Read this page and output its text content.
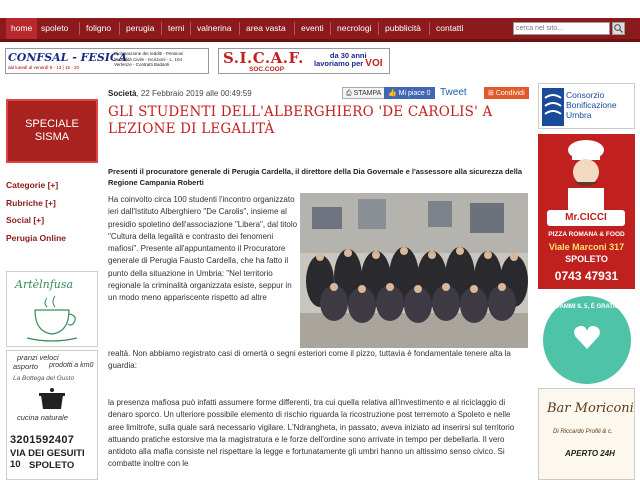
home	spoleto	foligno	perugia	terni	valnerina	area vasta	eventi	necrologi	pubblicità	contatti
cerca nel sito...
CONFSAL - FESICA
dal lunedì al venerdì 9 - 13 | 15 - 20
Dichiarazione dei redditi - Pensioni
Invalidità Civile - Iscrizioni - L. 104
Vertenze - Contratti Badanti	S.I.C.A.F.
SOC.COOP
da 30 anni
lavoriamo per VOI
SPECIALE
SISMA
Categorie [+]
Rubriche [+]
Social [+]
Perugia Online
Artèlnfusa
pranzi veloci
asporto prodotti a km0
La Bottega del Gusto
cucina naturale
3201592407
VIA DEI GESUITI 10 SPOLETO
Società, 22 Febbraio 2019 alle 00:49:59	⎙ STAMPA 👍 Mi piace 0 Tweet	⊞ Condividi
GLI STUDENTI DELL'ALBERGHIERO 'DE CAROLIS' A LEZIONE DI LEGALITÀ
Presenti il procuratore generale di Perugia Cardella, il direttore della Dia Governale e l'assessore alla sicurezza della Regione Campania Roberti
Ha coinvolto circa 100 studenti l'incontro organizzato ieri dall'Istituto Alberghiero "De Carolis", insieme al presidio spoletino dell'associazione "Libera", dal titolo "Cultura della legalità e contrasto dei fenomeni mafiosi". Presente all'appuntamento il Procuratore generale di Perugia Fausto Cardella, che ha fatto il punto della situazione in Umbria: "Nel territorio regionale la criminalità organizzata esiste, seppur in un modo meno appariscente rispetto ad altre
realtà. Non abbiamo registrato casi di omertà o segni esteriori come il pizzo, tuttavia è fondamentale tenere alta la guardia:
la presenza mafiosa può infatti assumere forme differenti, tra cui quella relativa all'investimento e al riciclaggio di denaro sporco. Un ulteriore possibile elemento di rischio riguarda la ricostruzione post terremoto a Spoleto e nelle aree limitrofe, sulla quale sarà necessario vigilare. L'Ndrangheta, in passato, aveva iniziato ad inserirsi sul territorio attuando pratiche estorsive ma la magistratura e le forze dell'ordine sono arrivate in tempo per debellarla. Il vero antidoto alla mafia consiste nel rispettare la legge e fortunatamente gli umbri hanno un altissimo senso civico. Si combatte inoltre con le
Consorzio
Bonificazione
Umbra
Mr.CICCI
PIZZA ROMANA & FOOD
Viale Marconi 317
SPOLETO
0743 47931
DAMMI IL 5, È GRATIS
Bar Moriconi
Di Riccardo Profili & c.
APERTO 24H
